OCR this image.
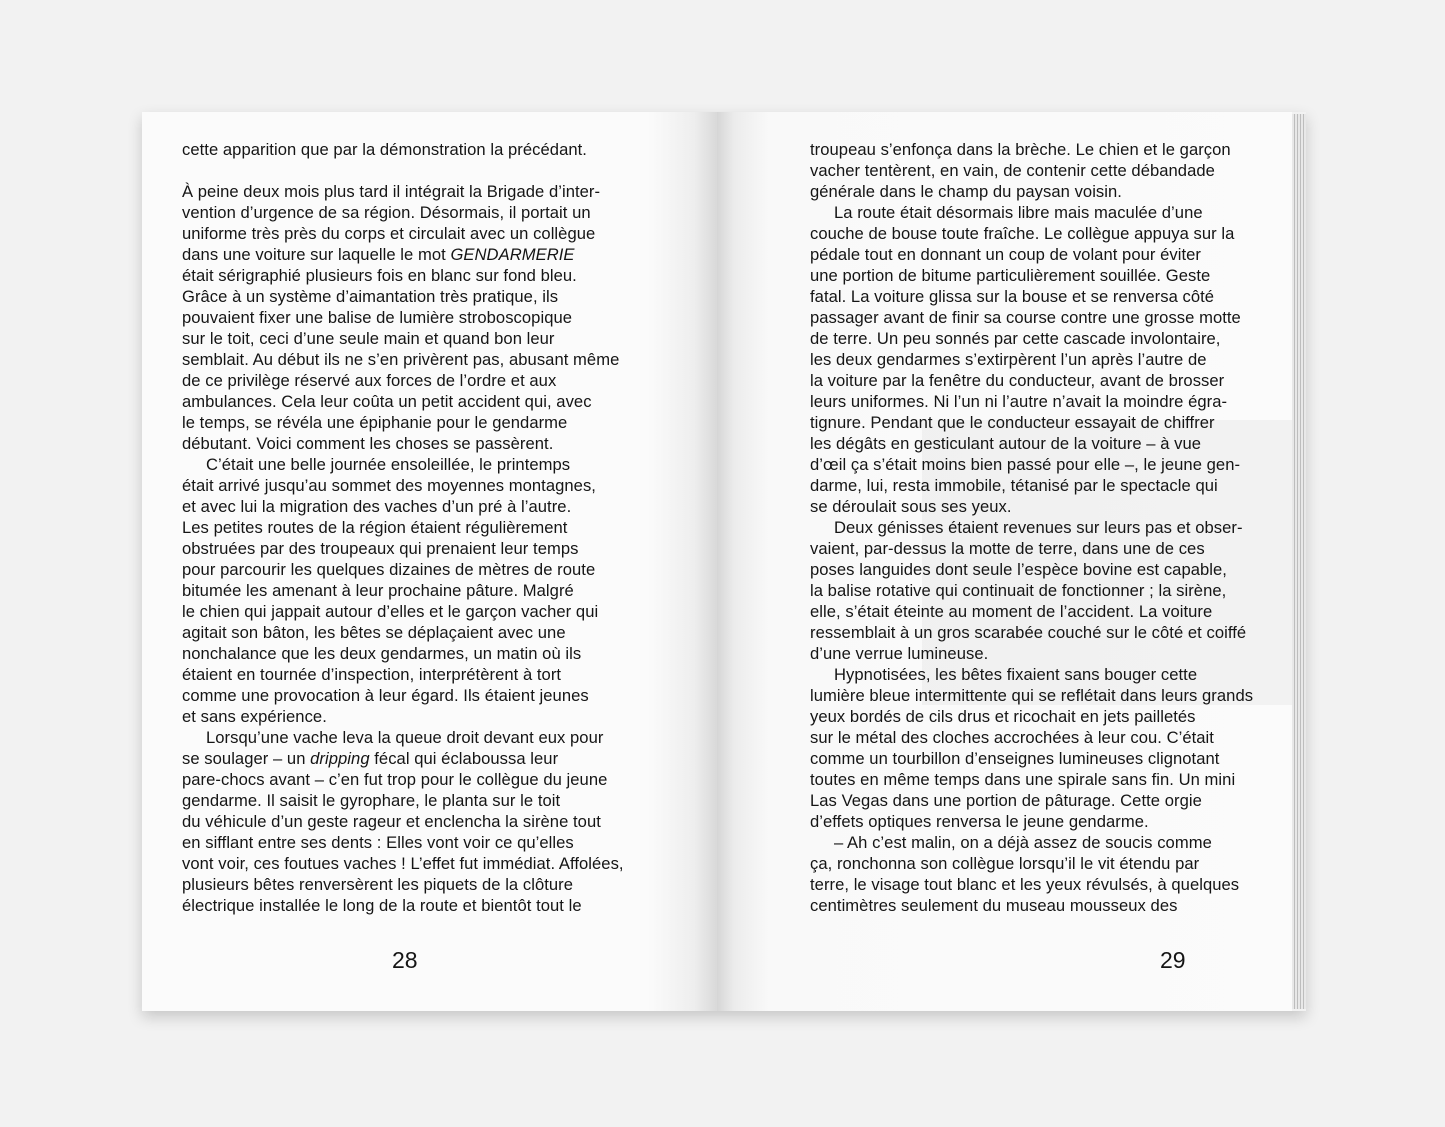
cette apparition que par la démonstration la précédant.
À peine deux mois plus tard il intégrait la Brigade d’inter-
vention d’urgence de sa région. Désormais, il portait un
uniforme très près du corps et circulait avec un collègue
dans une voiture sur laquelle le mot GENDARMERIE
était sérigraphié plusieurs fois en blanc sur fond bleu.
Grâce à un système d’aimantation très pratique, ils
pouvaient fixer une balise de lumière stroboscopique
sur le toit, ceci d’une seule main et quand bon leur
semblait. Au début ils ne s’en privèrent pas, abusant même
de ce privilège réservé aux forces de l’ordre et aux
ambulances. Cela leur coûta un petit accident qui, avec
le temps, se révéla une épiphanie pour le gendarme
débutant. Voici comment les choses se passèrent.
C’était une belle journée ensoleillée, le printemps
était arrivé jusqu’au sommet des moyennes montagnes,
et avec lui la migration des vaches d’un pré à l’autre.
Les petites routes de la région étaient régulièrement
obstruées par des troupeaux qui prenaient leur temps
pour parcourir les quelques dizaines de mètres de route
bitumée les amenant à leur prochaine pâture. Malgré
le chien qui jappait autour d’elles et le garçon vacher qui
agitait son bâton, les bêtes se déplaçaient avec une
nonchalance que les deux gendarmes, un matin où ils
étaient en tournée d’inspection, interprétèrent à tort
comme une provocation à leur égard. Ils étaient jeunes
et sans expérience.
Lorsqu’une vache leva la queue droit devant eux pour
se soulager – un dripping fécal qui éclaboussa leur
pare-chocs avant – c’en fut trop pour le collègue du jeune
gendarme. Il saisit le gyrophare, le planta sur le toit
du véhicule d’un geste rageur et enclencha la sirène tout
en sifflant entre ses dents : Elles vont voir ce qu’elles
vont voir, ces foutues vaches ! L’effet fut immédiat. Affolées,
plusieurs bêtes renversèrent les piquets de la clôture
électrique installée le long de la route et bientôt tout le
28
troupeau s’enfonça dans la brèche. Le chien et le garçon
vacher tentèrent, en vain, de contenir cette débandade
générale dans le champ du paysan voisin.
La route était désormais libre mais maculée d’une
couche de bouse toute fraîche. Le collègue appuya sur la
pédale tout en donnant un coup de volant pour éviter
une portion de bitume particulièrement souillée. Geste
fatal. La voiture glissa sur la bouse et se renversa côté
passager avant de finir sa course contre une grosse motte
de terre. Un peu sonnés par cette cascade involontaire,
les deux gendarmes s’extirpèrent l’un après l’autre de
la voiture par la fenêtre du conducteur, avant de brosser
leurs uniformes. Ni l’un ni l’autre n’avait la moindre égra-
tignure. Pendant que le conducteur essayait de chiffrer
les dégâts en gesticulant autour de la voiture – à vue
d’œil ça s’était moins bien passé pour elle –, le jeune gen-
darme, lui, resta immobile, tétanisé par le spectacle qui
se déroulait sous ses yeux.
Deux génisses étaient revenues sur leurs pas et obser-
vaient, par-dessus la motte de terre, dans une de ces
poses languides dont seule l’espèce bovine est capable,
la balise rotative qui continuait de fonctionner ; la sirène,
elle, s’était éteinte au moment de l’accident. La voiture
ressemblait à un gros scarabée couché sur le côté et coiffé
d’une verrue lumineuse.
Hypnotisées, les bêtes fixaient sans bouger cette
lumière bleue intermittente qui se reflétait dans leurs grands
yeux bordés de cils drus et ricochait en jets pailletés
sur le métal des cloches accrochées à leur cou. C’était
comme un tourbillon d’enseignes lumineuses clignotant
toutes en même temps dans une spirale sans fin. Un mini
Las Vegas dans une portion de pâturage. Cette orgie
d’effets optiques renversa le jeune gendarme.
– Ah c’est malin, on a déjà assez de soucis comme
ça, ronchonna son collègue lorsqu’il le vit étendu par
terre, le visage tout blanc et les yeux révulsés, à quelques
centimètres seulement du museau mousseux des
29
